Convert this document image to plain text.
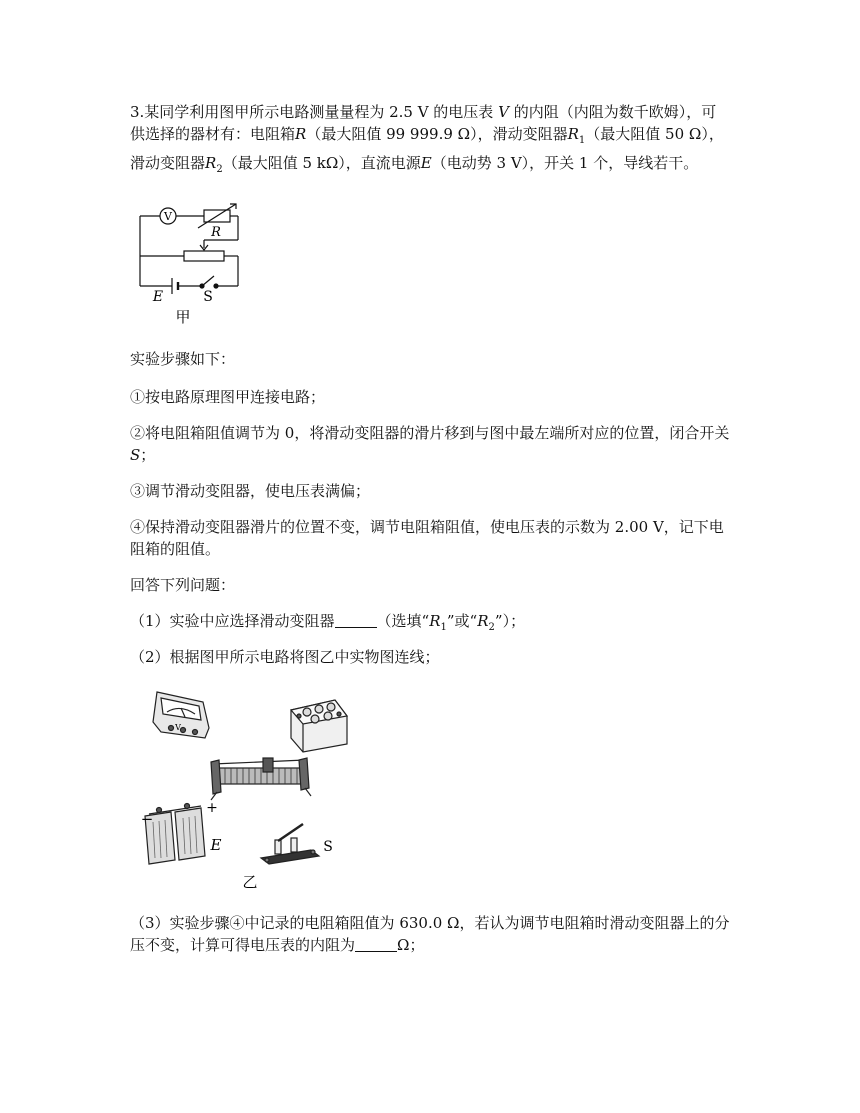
3.某同学利用图甲所示电路测量量程为 2.5 V 的电压表 V 的内阻（内阻为数千欧姆），可供选择的器材有：电阻箱R（最大阻值 99 999.9 Ω），滑动变阻器$R_1$（最大阻值 50 Ω），滑动变阻器$R_2$（最大阻值 5 kΩ），直流电源E（电动势 3 V），开关 1 个，导线若干。
V
R
E	S
甲
实验步骤如下：
①按电路原理图甲连接电路；
②将电阻箱阻值调节为 0，将滑动变阻器的滑片移到与图中最左端所对应的位置，闭合开关S；
③调节滑动变阻器，使电压表满偏；
④保持滑动变阻器滑片的位置不变，调节电阻箱阻值，使电压表的示数为 2.00 V，记下电阻箱的阻值。
回答下列问题：
（1）实验中应选择滑动变阻器	（选填“$R_1$”或“$R_2$”）；
（2）根据图甲所示电路将图乙中实物图连线；
V
−
+
E	S
乙
（3）实验步骤④中记录的电阻箱阻值为 630.0 Ω，若认为调节电阻箱时滑动变阻器上的分压不变，计算可得电压表的内阻为	Ω；
